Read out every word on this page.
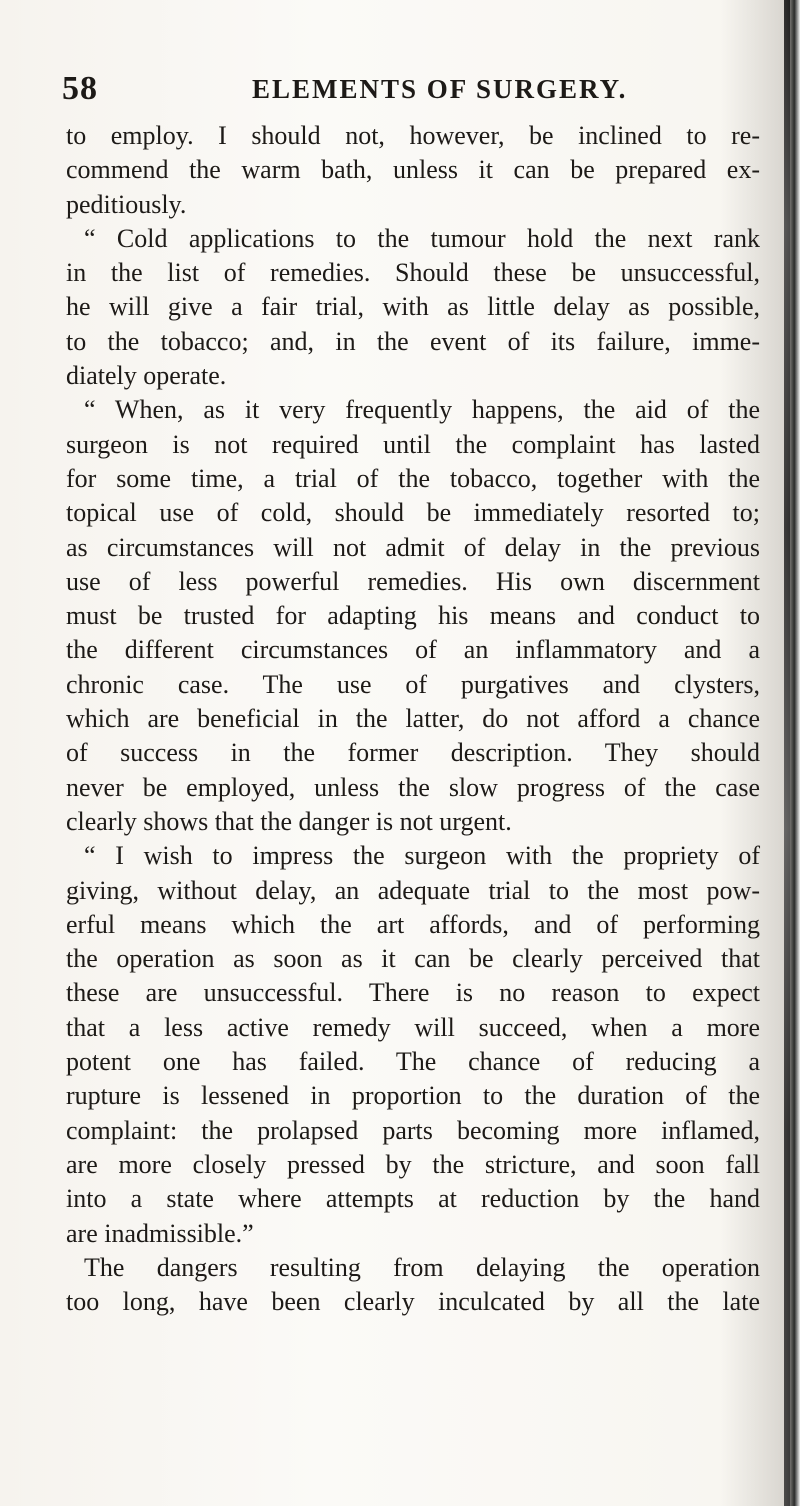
58	ELEMENTS OF SURGERY.

to employ. I should not, however, be inclined to re-
commend the warm bath, unless it can be prepared ex-
peditiously.

“ Cold applications to the tumour hold the next rank
in the list of remedies. Should these be unsuccessful,
he will give a fair trial, with as little delay as possible,
to the tobacco; and, in the event of its failure, imme-
diately operate.

“ When, as it very frequently happens, the aid of the
surgeon is not required until the complaint has lasted
for some time, a trial of the tobacco, together with the
topical use of cold, should be immediately resorted to;
as circumstances will not admit of delay in the previous
use of less powerful remedies. His own discernment
must be trusted for adapting his means and conduct to
the different circumstances of an inflammatory and a
chronic case. The use of purgatives and clysters,
which are beneficial in the latter, do not afford a chance
of success in the former description. They should
never be employed, unless the slow progress of the case
clearly shows that the danger is not urgent.

“ I wish to impress the surgeon with the propriety of
giving, without delay, an adequate trial to the most pow-
erful means which the art affords, and of performing
the operation as soon as it can be clearly perceived that
these are unsuccessful. There is no reason to expect
that a less active remedy will succeed, when a more
potent one has failed. The chance of reducing a
rupture is lessened in proportion to the duration of the
complaint: the prolapsed parts becoming more inflamed,
are more closely pressed by the stricture, and soon fall
into a state where attempts at reduction by the hand
are inadmissible.”

The dangers resulting from delaying the operation
too long, have been clearly inculcated by all the late
